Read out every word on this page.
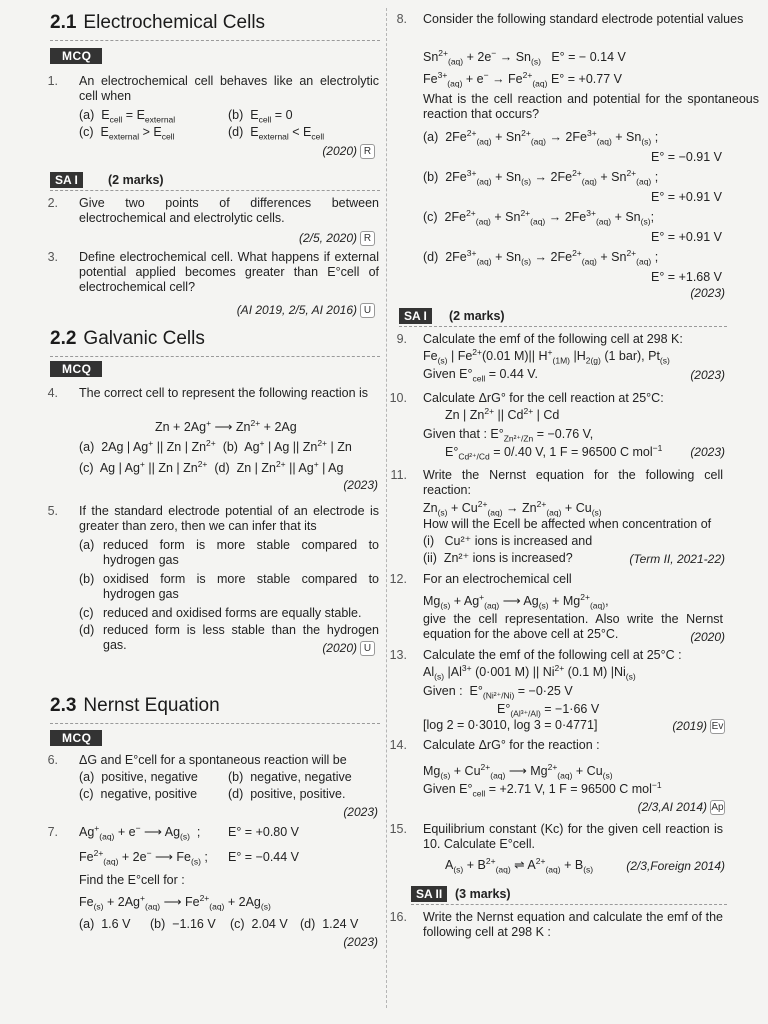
2.1 Electrochemical Cells
MCQ
1. An electrochemical cell behaves like an electrolytic cell when
(a)  $E_{cell} = E_{external}$	(b)  $E_{cell} = 0$
(c)  $E_{external} > E_{cell}$	(d)  $E_{external} < E_{cell}$
(2020) R
SA I	(2 marks)
2. Give two points of differences between electrochemical and electrolytic cells.
(2/5, 2020) R
3. Define electrochemical cell. What happens if external potential applied becomes greater than E°cell of electrochemical cell?
(AI 2019, 2/5, AI 2016) U
2.2 Galvanic Cells
MCQ
4. The correct cell to represent the following reaction is
Zn + 2Ag+ ⟶ $Zn^{2+} + 2Ag$
(a)  2Ag | Ag+ || Zn | $Zn^{2+}$  (b)  Ag+ | Ag || $Zn^{2+}$ | Zn
(c)  Ag | Ag+ || Zn | $Zn^{2+}$  (d)  Zn | $Zn^{2+}$ || Ag+ | Ag
(2023)
5. If the standard electrode potential of an electrode is greater than zero, then we can infer that its
(a) reduced form is more stable compared to hydrogen gas
(b) oxidised form is more stable compared to hydrogen gas
(c) reduced and oxidised forms are equally stable.
(d) reduced form is less stable than the hydrogen gas.	(2020) U
2.3 Nernst Equation
MCQ
6. ΔG and E°cell for a spontaneous reaction will be
(a)  positive, negative (b)  negative, negative
(c)  negative, positive (d)  positive, positive.
(2023)
7. $Ag^+_{(aq)} + e^-$ ⟶ $Ag_{(s)}$  ; E° = +0.80 V
$Fe^{2+}_{(aq)} + 2e^-$ ⟶ $Fe_{(s)}$ ; E° = −0.44 V
Find the E°cell for :
$Fe_{(s)} + 2Ag^+_{(aq)}$ ⟶ $Fe^{2+}_{(aq)} + 2Ag_{(s)}$
(a)  1.6 V (b)  −1.16 V (c)  2.04 V (d)  1.24 V
(2023)
8. Consider the following standard electrode potential values
$Sn^{2+}_{(aq)} + 2e^- \to Sn_{(s)}$   E° = − 0.14 V
$Fe^{3+}_{(aq)} + e^- \to Fe^{2+}_{(aq)}$ E° = +0.77 V
What is the cell reaction and potential for the spontaneous reaction that occurs?
(a)  $2Fe^{2+}_{(aq)} + Sn^{2+}_{(aq)} \to 2Fe^{3+}_{(aq)} + Sn_{(s)}$ ;
E° = −0.91 V
(b)  $2Fe^{3+}_{(aq)} + Sn_{(s)} \to 2Fe^{2+}_{(aq)} + Sn^{2+}_{(aq)}$ ;
E° = +0.91 V
(c)  $2Fe^{2+}_{(aq)} + Sn^{2+}_{(aq)} \to 2Fe^{3+}_{(aq)} + Sn_{(s)}$;
E° = +0.91 V
(d)  $2Fe^{3+}_{(aq)} + Sn_{(s)} \to 2Fe^{2+}_{(aq)} + Sn^{2+}_{(aq)}$ ;
E° = +1.68 V
(2023)
SA I	(2 marks)
9. Calculate the emf of the following cell at 298 K:
$Fe_{(s)}$ | $Fe^{2+}(0.01$ M)|| $H^+_{(1M)}$ $|H_{2(g)}$ (1 bar), $Pt_{(s)}$
Given $E^\circ_{cell} = 0.44$ V.	(2023)
10. Calculate ΔrG° for the cell reaction at 25°C:
Zn | $Zn^{2+}$ || $Cd^{2+}$ | Cd
Given that : $E^\circ_{Zn^{2+}/Zn} = -0.76$ V,
$E^\circ_{Cd^{2+}/Cd} = 0/.40$ V, 1 F = 96500 C mol$^{-1}$	(2023)
11. Write the Nernst equation for the following cell reaction:
$Zn_{(s)} + Cu^{2+}_{(aq)} \to Zn^{2+}_{(aq)} + Cu_{(s)}$
How will the Ecell be affected when concentration of
(i)   Cu²⁺ ions is increased and
(ii)  Zn²⁺ ions is increased?	(Term II, 2021-22)
12. For an electrochemical cell
$Mg_{(s)} + Ag^+_{(aq)}$ ⟶ $Ag_{(s)} + Mg^{2+}_{(aq)}$,
give the cell representation. Also write the Nernst equation for the above cell at 25°C.	(2020)
13. Calculate the emf of the following cell at 25°C :
$Al_{(s)}$ $|Al^{3+}$ (0·001 M) || $Ni^{2+}$ (0.1 M) $|Ni_{(s)}$
Given :  $E^\circ_{(Ni^{2+}/Ni)} = -0\cdot 25$ V
$E^\circ_{(Al^{3+}/Al)} = -1\cdot 66$ V
[log 2 = 0·3010, log 3 = 0·4771]	(2019) Ev
14. Calculate ΔrG° for the reaction :
$Mg_{(s)} + Cu^{2+}_{(aq)}$ ⟶ $Mg^{2+}_{(aq)} + Cu_{(s)}$
Given $E^\circ_{cell} = +2.71$ V, 1 F = 96500 C mol$^{-1}$
(2/3,AI 2014) Ap
15. Equilibrium constant (Kc) for the given cell reaction is 10. Calculate E°cell.
$A_{(s)} + B^{2+}_{(aq)}$ ⇌ $A^{2+}_{(aq)} + B_{(s)}$	(2/3,Foreign 2014)
SA II	(3 marks)
16. Write the Nernst equation and calculate the emf of the following cell at 298 K :
